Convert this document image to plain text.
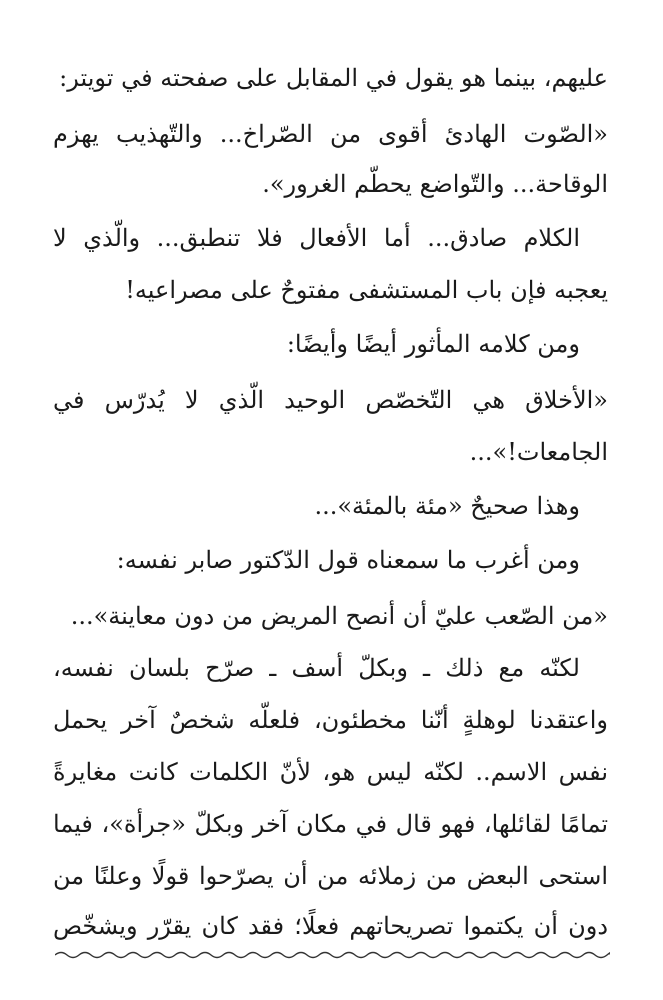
عليهم، بينما هو يقول في المقابل على صفحته في تويتر:
«الصّوت الهادئ أقوى من الصّراخ... والتّهذيب يهزم
الوقاحة... والتّواضع يحطّم الغرور».
الكلام صادق... أما الأفعال فلا تنطبق... والّذي لا
يعجبه فإن باب المستشفى مفتوحٌ على مصراعيه!
ومن كلامه المأثور أيضًا وأيضًا:
«الأخلاق هي التّخصّص الوحيد الّذي لا يُدرّس في
الجامعات!»...
وهذا صحيحٌ «مئة بالمئة»...
ومن أغرب ما سمعناه قول الدّكتور صابر نفسه:
«من الصّعب عليّ أن أنصح المريض من دون معاينة»...
لكنّه مع ذلك ـ وبكلّ أسف ـ صرّح بلسان نفسه،
واعتقدنا لوهلةٍ أنّنا مخطئون، فلعلّه شخصٌ آخر يحمل
نفس الاسم.. لكنّه ليس هو، لأنّ الكلمات كانت مغايرةً
تمامًا لقائلها، فهو قال في مكان آخر وبكلّ «جرأة»، فيما
استحى البعض من زملائه من أن يصرّحوا قولًا وعلنًا من
دون أن يكتموا تصريحاتهم فعلًا؛ فقد كان يقرّر ويشخّص
